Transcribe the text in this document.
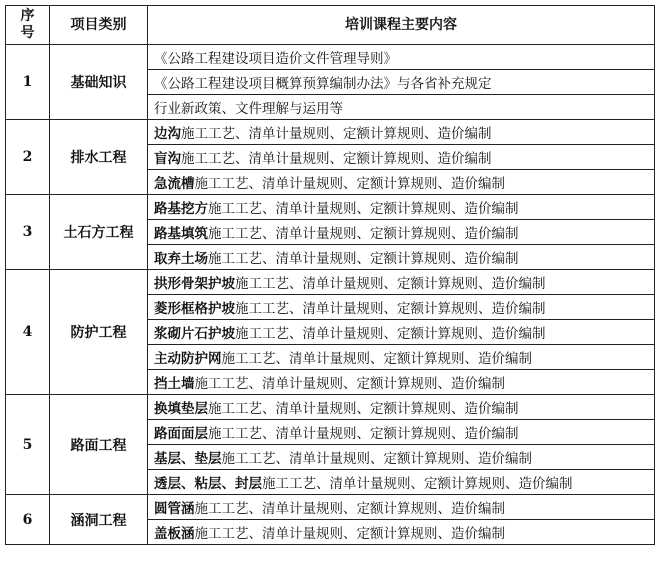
序
号	项目类别	培训课程主要内容
1	基础知识	《公路工程建设项目造价文件管理导则》
		《公路工程建设项目概算预算编制办法》与各省补充规定
		行业新政策、文件理解与运用等
2	排水工程	边沟施工工艺、清单计量规则、定额计算规则、造价编制
		盲沟施工工艺、清单计量规则、定额计算规则、造价编制
		急流槽施工工艺、清单计量规则、定额计算规则、造价编制
3	土石方工程	路基挖方施工工艺、清单计量规则、定额计算规则、造价编制
		路基填筑施工工艺、清单计量规则、定额计算规则、造价编制
		取弃土场施工工艺、清单计量规则、定额计算规则、造价编制
4	防护工程	拱形骨架护坡施工工艺、清单计量规则、定额计算规则、造价编制
		菱形框格护坡施工工艺、清单计量规则、定额计算规则、造价编制
		浆砌片石护坡施工工艺、清单计量规则、定额计算规则、造价编制
		主动防护网施工工艺、清单计量规则、定额计算规则、造价编制
		挡土墙施工工艺、清单计量规则、定额计算规则、造价编制
5	路面工程	换填垫层施工工艺、清单计量规则、定额计算规则、造价编制
		路面面层施工工艺、清单计量规则、定额计算规则、造价编制
		基层、垫层施工工艺、清单计量规则、定额计算规则、造价编制
		透层、粘层、封层施工工艺、清单计量规则、定额计算规则、造价编制
6	涵洞工程	圆管涵施工工艺、清单计量规则、定额计算规则、造价编制
		盖板涵施工工艺、清单计量规则、定额计算规则、造价编制
